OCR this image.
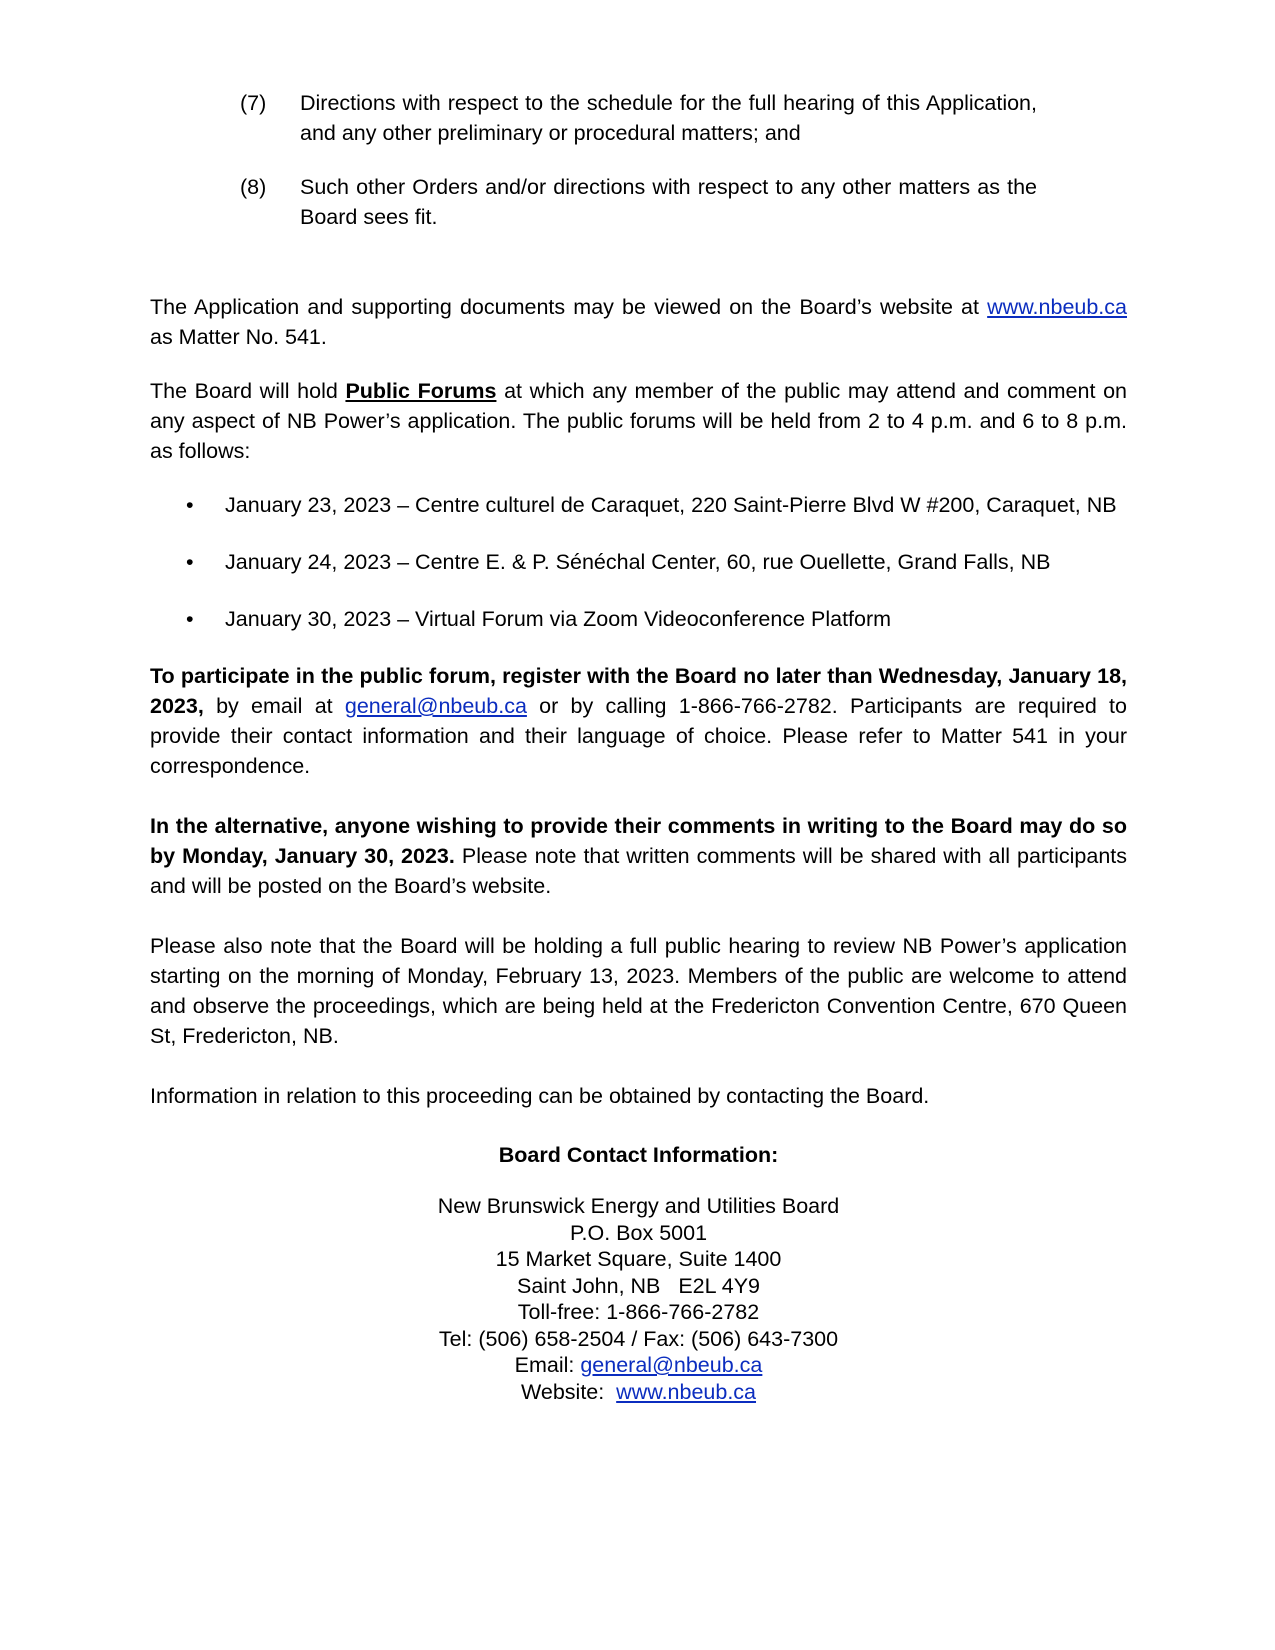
(7)	Directions with respect to the schedule for the full hearing of this Application, and any other preliminary or procedural matters; and
(8)	Such other Orders and/or directions with respect to any other matters as the Board sees fit.

The Application and supporting documents may be viewed on the Board’s website at www.nbeub.ca as Matter No. 541.

The Board will hold Public Forums at which any member of the public may attend and comment on any aspect of NB Power’s application. The public forums will be held from 2 to 4 p.m. and 6 to 8 p.m. as follows:

•	January 23, 2023 – Centre culturel de Caraquet, 220 Saint-Pierre Blvd W #200, Caraquet, NB
•	January 24, 2023 – Centre E. & P. Sénéchal Center, 60, rue Ouellette, Grand Falls, NB
•	January 30, 2023 – Virtual Forum via Zoom Videoconference Platform

To participate in the public forum, register with the Board no later than Wednesday, January 18, 2023, by email at general@nbeub.ca or by calling 1-866-766-2782. Participants are required to provide their contact information and their language of choice. Please refer to Matter 541 in your correspondence.

In the alternative, anyone wishing to provide their comments in writing to the Board may do so by Monday, January 30, 2023. Please note that written comments will be shared with all participants and will be posted on the Board’s website.

Please also note that the Board will be holding a full public hearing to review NB Power’s application starting on the morning of Monday, February 13, 2023. Members of the public are welcome to attend and observe the proceedings, which are being held at the Fredericton Convention Centre, 670 Queen St, Fredericton, NB.

Information in relation to this proceeding can be obtained by contacting the Board.

Board Contact Information:
New Brunswick Energy and Utilities Board
P.O. Box 5001
15 Market Square, Suite 1400
Saint John, NB   E2L 4Y9
Toll-free: 1-866-766-2782
Tel: (506) 658-2504 / Fax: (506) 643-7300
Email: general@nbeub.ca
Website:  www.nbeub.ca
